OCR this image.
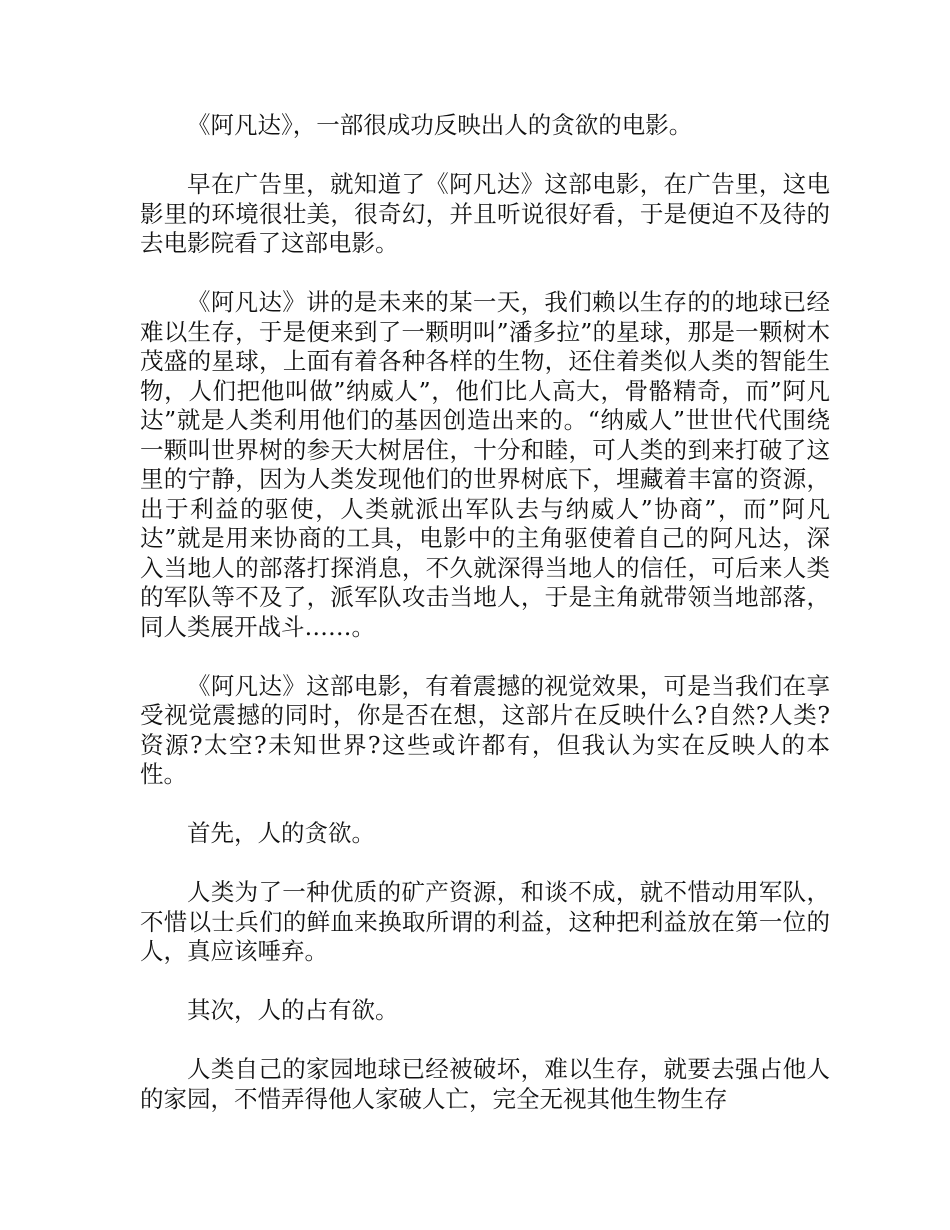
《阿凡达》，一部很成功反映出人的贪欲的电影。

早在广告里，就知道了《阿凡达》这部电影，在广告里，这电影里的环境很壮美，很奇幻，并且听说很好看，于是便迫不及待的去电影院看了这部电影。

《阿凡达》讲的是未来的某一天，我们赖以生存的的地球已经难以生存，于是便来到了一颗明叫”潘多拉”的星球，那是一颗树木茂盛的星球，上面有着各种各样的生物，还住着类似人类的智能生物，人们把他叫做”纳威人”，他们比人高大，骨骼精奇，而”阿凡达”就是人类利用他们的基因创造出来的。“纳威人”世世代代围绕一颗叫世界树的参天大树居住，十分和睦，可人类的到来打破了这里的宁静，因为人类发现他们的世界树底下，埋藏着丰富的资源，出于利益的驱使，人类就派出军队去与纳威人”协商”，而”阿凡达”就是用来协商的工具，电影中的主角驱使着自己的阿凡达，深入当地人的部落打探消息，不久就深得当地人的信任，可后来人类的军队等不及了，派军队攻击当地人，于是主角就带领当地部落，同人类展开战斗……。

《阿凡达》这部电影，有着震撼的视觉效果，可是当我们在享受视觉震撼的同时，你是否在想，这部片在反映什么?自然?人类?资源?太空?未知世界?这些或许都有，但我认为实在反映人的本性。

首先，人的贪欲。

人类为了一种优质的矿产资源，和谈不成，就不惜动用军队，不惜以士兵们的鲜血来换取所谓的利益，这种把利益放在第一位的人，真应该唾弃。

其次，人的占有欲。

人类自己的家园地球已经被破坏，难以生存，就要去强占他人的家园，不惜弄得他人家破人亡，完全无视其他生物生存
